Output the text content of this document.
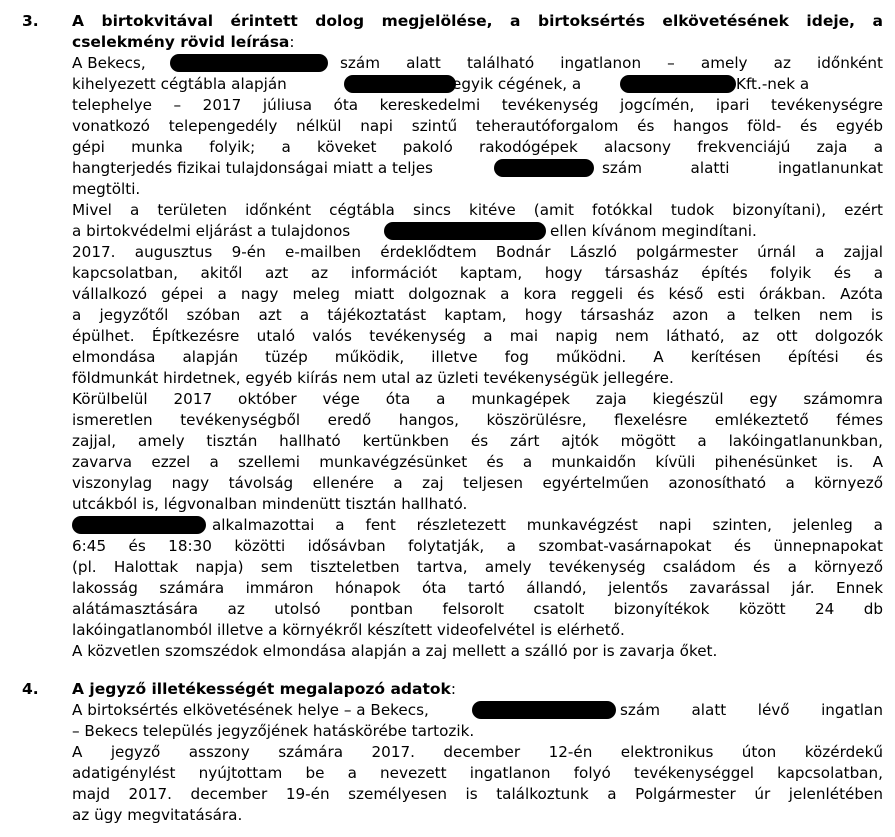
3. A birtokvitával érintett dolog megjelölése, a birtoksértés elkövetésének ideje, a
cselekmény rövid leírása:
A Bekecs,	szám alatt található ingatlanon – amely az időnként
kihelyezett cégtábla alapján	egyik cégének, a	Kft.-nek a
telephelye – 2017 júliusa óta kereskedelmi tevékenység jogcímén, ipari tevékenységre
vonatkozó telepengedély nélkül napi szintű teherautóforgalom és hangos föld- és egyéb
gépi munka folyik; a köveket pakoló rakodógépek alacsony frekvenciájú zaja a
hangterjedés fizikai tulajdonságai miatt a teljes	szám alatti ingatlanunkat
megtölti.
Mivel a területen időnként cégtábla sincs kitéve (amit fotókkal tudok bizonyítani), ezért
a birtokvédelmi eljárást a tulajdonos	ellen kívánom megindítani.
2017. augusztus 9-én e-mailben érdeklődtem Bodnár László polgármester úrnál a zajjal
kapcsolatban, akitől azt az információt kaptam, hogy társasház építés folyik és a
vállalkozó gépei a nagy meleg miatt dolgoznak a kora reggeli és késő esti órákban. Azóta
a jegyzőtől szóban azt a tájékoztatást kaptam, hogy társasház azon a telken nem is
épülhet. Építkezésre utaló valós tevékenység a mai napig nem látható, az ott dolgozók
elmondása alapján tüzép működik, illetve fog működni. A kerítésen építési és
földmunkát hirdetnek, egyéb kiírás nem utal az üzleti tevékenységük jellegére.
Körülbelül 2017 október vége óta a munkagépek zaja kiegészül egy számomra
ismeretlen tevékenységből eredő hangos, köszörülésre, flexelésre emlékeztető fémes
zajjal, amely tisztán hallható kertünkben és zárt ajtók mögött a lakóingatlanunkban,
zavarva ezzel a szellemi munkavégzésünket és a munkaidőn kívüli pihenésünket is. A
viszonylag nagy távolság ellenére a zaj teljesen egyértelműen azonosítható a környező
utcákból is, légvonalban mindenütt tisztán hallható.
alkalmazottai a fent részletezett munkavégzést napi szinten, jelenleg a
6:45 és 18:30 közötti idősávban folytatják, a szombat-vasárnapokat és ünnepnapokat
(pl. Halottak napja) sem tiszteletben tartva, amely tevékenység családom és a környező
lakosság számára immáron hónapok óta tartó állandó, jelentős zavarással jár. Ennek
alátámasztására az utolsó pontban felsorolt csatolt bizonyítékok között 24 db
lakóingatlanomból illetve a környékről készített videofelvétel is elérhető.
A közvetlen szomszédok elmondása alapján a zaj mellett a szálló por is zavarja őket.
4. A jegyző illetékességét megalapozó adatok:
A birtoksértés elkövetésének helye – a Bekecs,	szám alatt lévő ingatlan
– Bekecs település jegyzőjének hatáskörébe tartozik.
A jegyző asszony számára 2017. december 12-én elektronikus úton közérdekű
adatigénylést nyújtottam be a nevezett ingatlanon folyó tevékenységgel kapcsolatban,
majd 2017. december 19-én személyesen is találkoztunk a Polgármester úr jelenlétében
az ügy megvitatására.
